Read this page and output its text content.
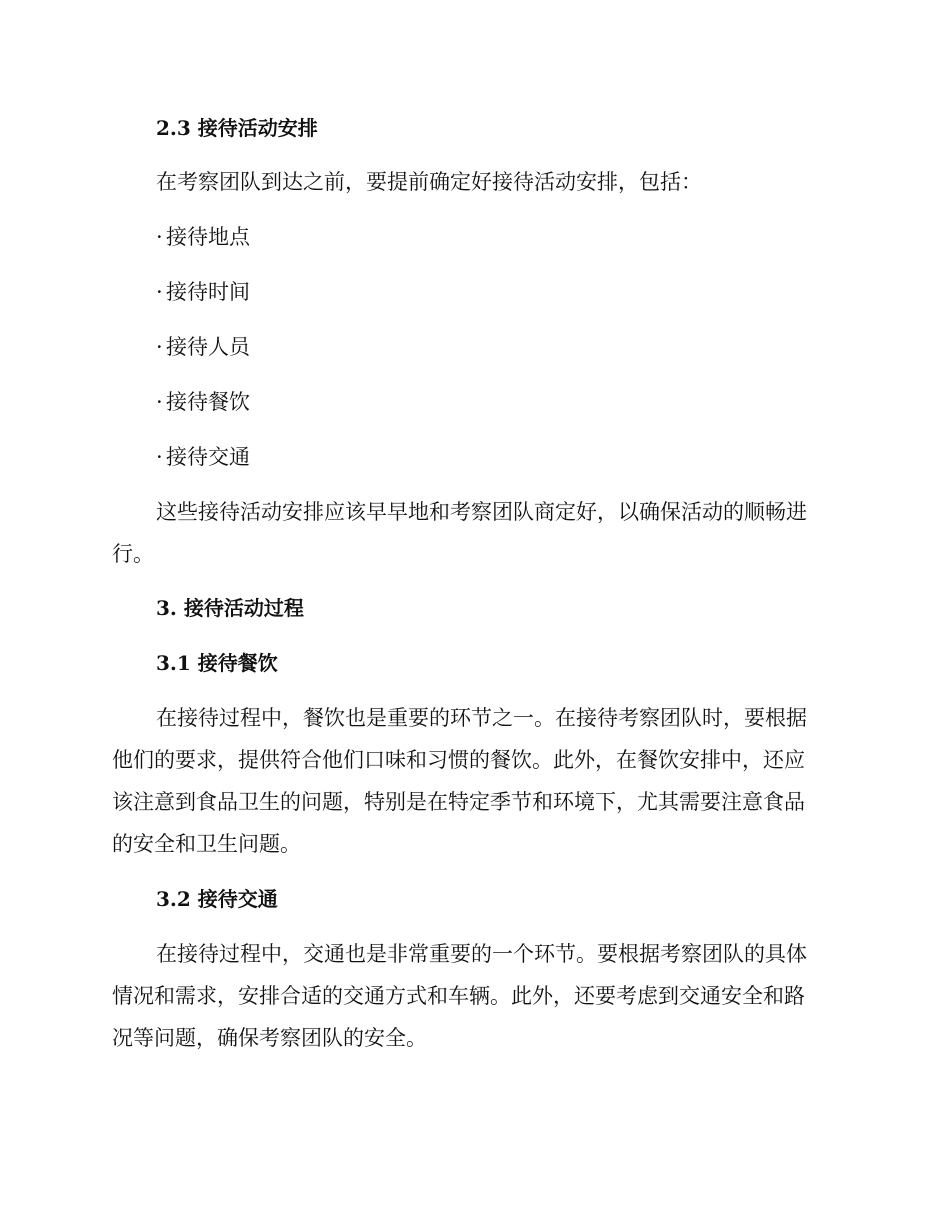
2.3 接待活动安排
在考察团队到达之前，要提前确定好接待活动安排，包括：
· 接待地点
· 接待时间
· 接待人员
· 接待餐饮
· 接待交通
这些接待活动安排应该早早地和考察团队商定好，以确保活动的顺畅进
行。
3. 接待活动过程
3.1 接待餐饮
在接待过程中，餐饮也是重要的环节之一。在接待考察团队时，要根据
他们的要求，提供符合他们口味和习惯的餐饮。此外，在餐饮安排中，还应
该注意到食品卫生的问题，特别是在特定季节和环境下，尤其需要注意食品
的安全和卫生问题。
3.2 接待交通
在接待过程中，交通也是非常重要的一个环节。要根据考察团队的具体
情况和需求，安排合适的交通方式和车辆。此外，还要考虑到交通安全和路
况等问题，确保考察团队的安全。
